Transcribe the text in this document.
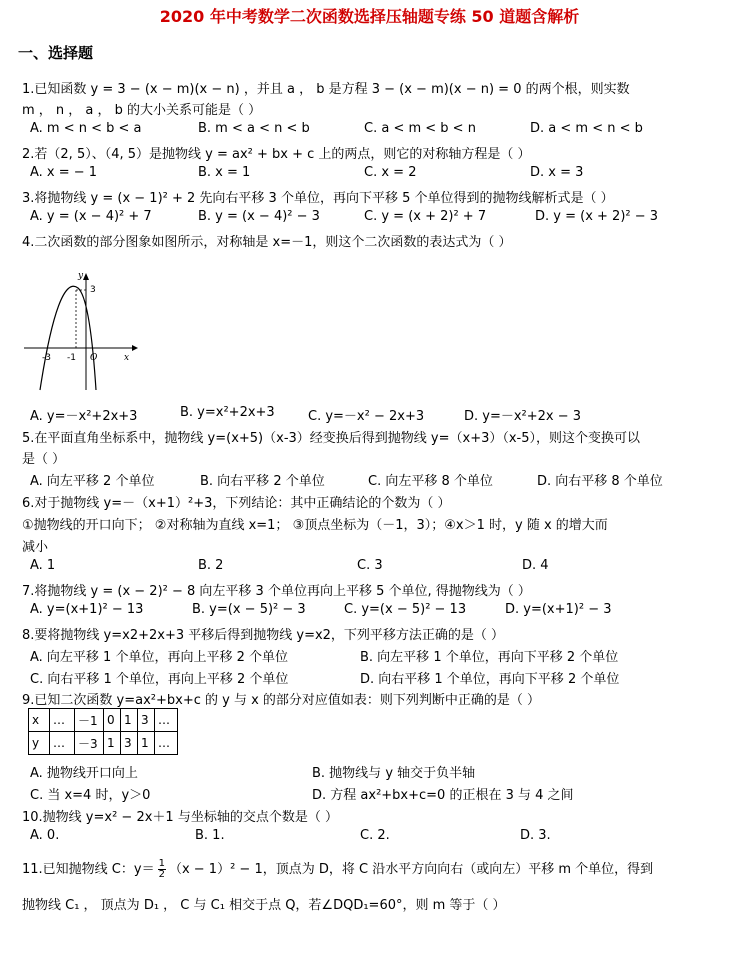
2020 年中考数学二次函数选择压轴题专练 50 道题含解析
一、选择题
1.已知函数 y = 3 − (x − m)(x − n) ，并且 a ， b 是方程 3 − (x − m)(x − n) = 0 的两个根，则实数
m ， n ， a ， b 的大小关系可能是（ ）
A. m < n < b < a	B. m < a < n < b	C. a < m < b < n	D. a < m < n < b
2.若（2, 5）、（4, 5）是抛物线 y = ax² + bx + c 上的两点，则它的对称轴方程是（ ）
A. x = − 1	B. x = 1	C. x = 2	D. x = 3
3.将抛物线 y = (x − 1)² + 2 先向右平移 3 个单位，再向下平移 5 个单位得到的抛物线解析式是（ ）
A. y = (x − 4)² + 7	B. y = (x − 4)² − 3	C. y = (x + 2)² + 7	D. y = (x + 2)² − 3
4.二次函数的部分图象如图所示，对称轴是 x=－1，则这个二次函数的表达式为（ ）
y
x
O
3
-3 -1
A. y=－x²+2x+3	B. y=x²+2x+3	C. y=－x² − 2x+3	D. y=－x²+2x − 3
5.在平面直角坐标系中，抛物线 y=(x+5)（x-3）经变换后得到抛物线 y=（x+3）（x-5），则这个变换可以
是（ ）
A. 向左平移 2 个单位	B. 向右平移 2 个单位	C. 向左平移 8 个单位	D. 向右平移 8 个单位
6.对于抛物线 y=－（x+1）²+3，下列结论：其中正确结论的个数为（ ）
①抛物线的开口向下； ②对称轴为直线 x=1； ③顶点坐标为（－1，3）；④x＞1 时，y 随 x 的增大而
减小
A. 1	B. 2	C. 3	D. 4
7.将抛物线 y = (x − 2)² − 8 向左平移 3 个单位再向上平移 5 个单位, 得抛物线为（ ）
A. y=(x+1)² − 13	B. y=(x − 5)² − 3	C. y=(x − 5)² − 13	D. y=(x+1)² − 3
8.要将抛物线 y=x2+2x+3 平移后得到抛物线 y=x2，下列平移方法正确的是（ ）
A. 向左平移 1 个单位，再向上平移 2 个单位	B. 向左平移 1 个单位，再向下平移 2 个单位
C. 向右平移 1 个单位，再向上平移 2 个单位	D. 向右平移 1 个单位，再向下平移 2 个单位
9.已知二次函数 y=ax²+bx+c 的 y 与 x 的部分对应值如表：则下列判断中正确的是（ ）
x	…	－1	0	1	3	…
y	…	－3	1	3	1	…
A. 抛物线开口向上	B. 抛物线与 y 轴交于负半轴
C. 当 x=4 时，y＞0	D. 方程 ax²+bx+c=0 的正根在 3 与 4 之间
10.抛物线 y=x² − 2x＋1 与坐标轴的交点个数是（ ）
A. 0.	B. 1.	C. 2.	D. 3.
11.已知抛物线 C：$y= \frac{1}{2} (x - 1)^2 - 1$，顶点为 D，将 C 沿水平方向向右（或向左）平移 m 个单位，得到
抛物线 C₁ ， 顶点为 D₁ ， C 与 C₁ 相交于点 Q，若∠DQD₁=60°，则 m 等于（ ）
